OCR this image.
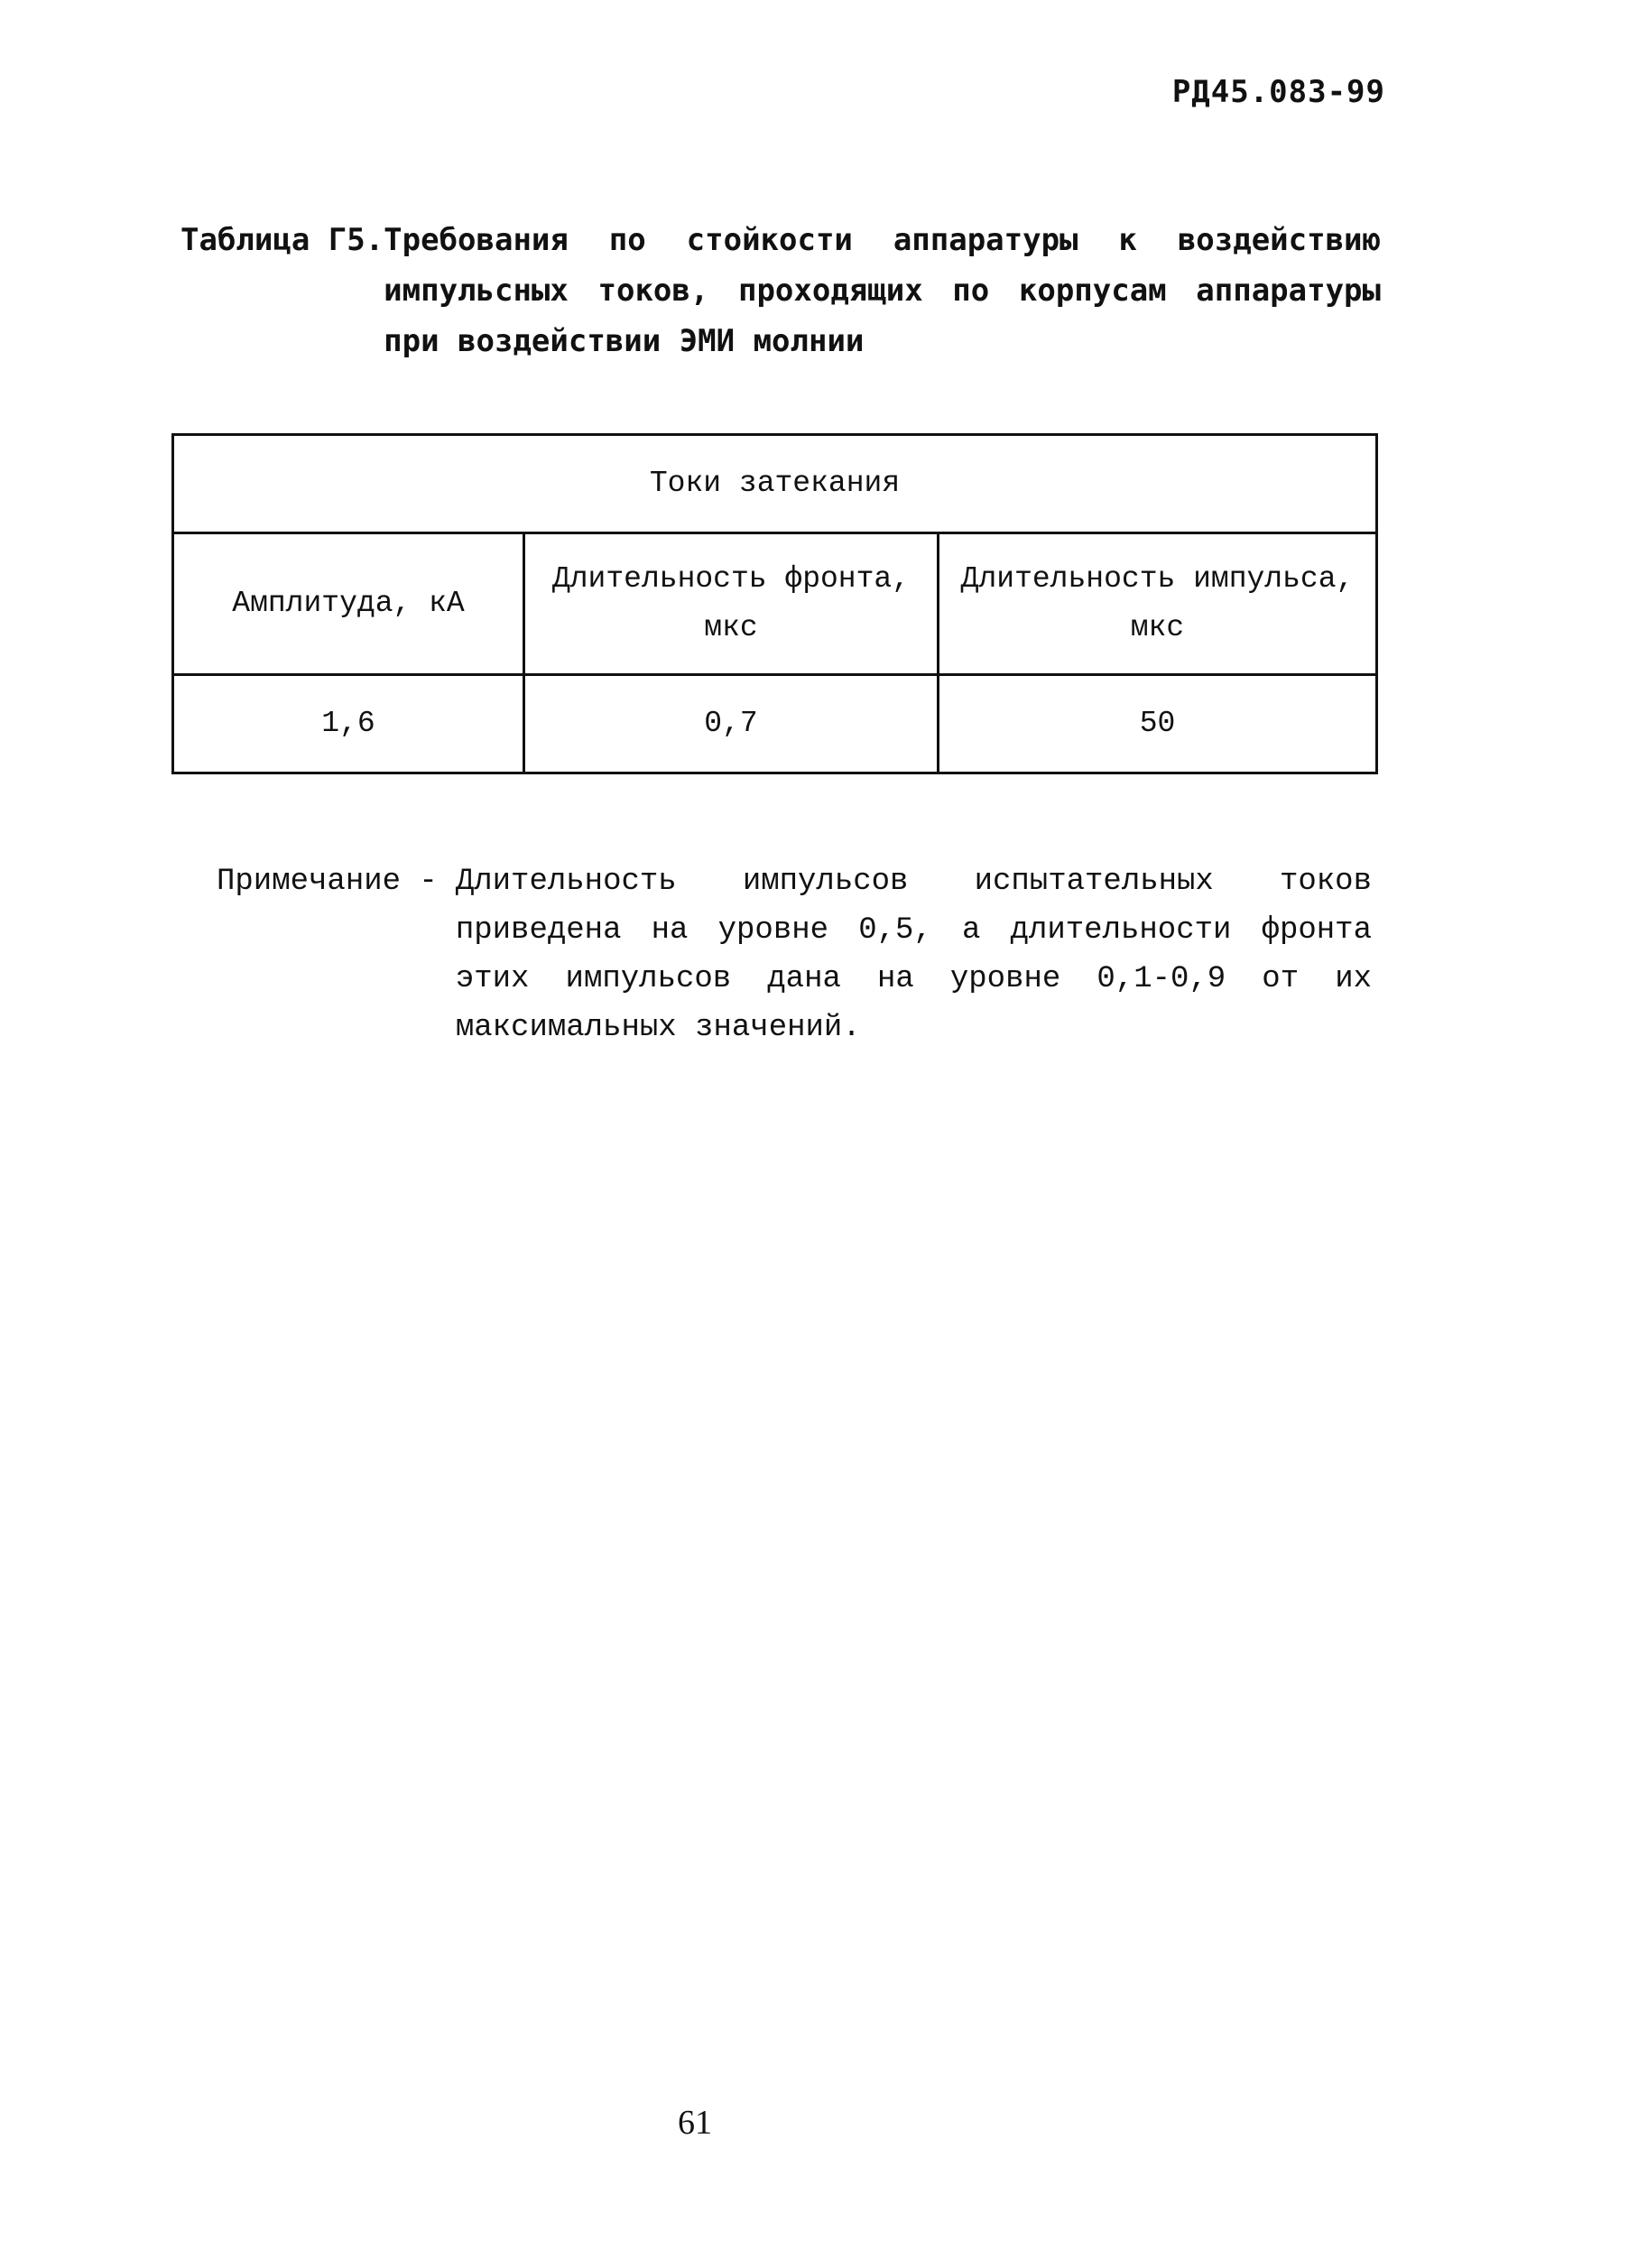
РД45.083-99
Таблица Г5. Требования по стойкости аппаратуры к воздействию импульсных токов, проходящих по корпусам аппаратуры при воздействии ЭМИ молнии
Токи затекания		
Амплитуда, кА	Длительность фронта, мкс	Длительность импульса, мкс
1,6	0,7	50
Примечание - Длительность импульсов испытательных токов приведена на уровне 0,5, а длительности фронта этих импульсов дана на уровне 0,1-0,9 от их максимальных значений.
61
